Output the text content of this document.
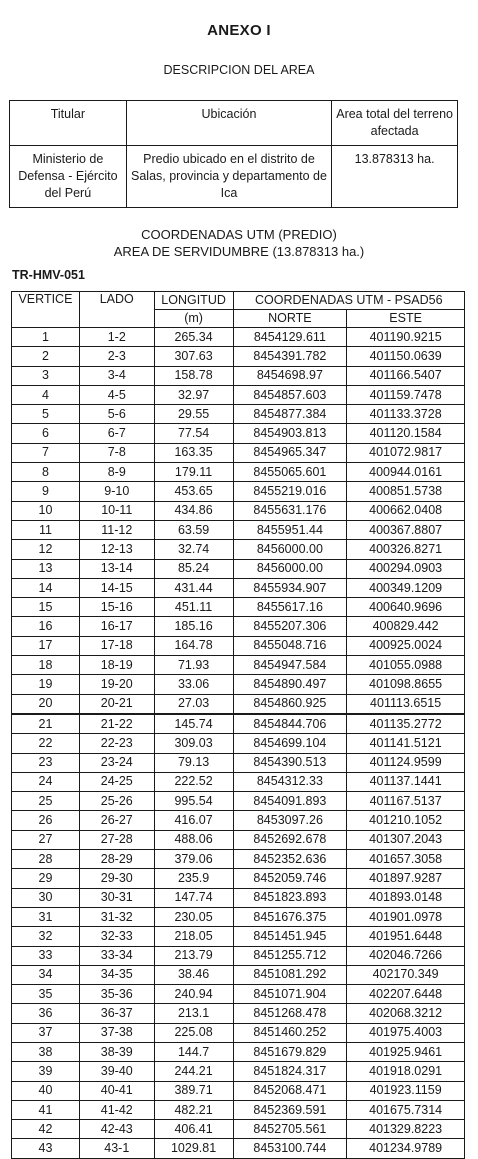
ANEXO I
DESCRIPCION DEL AREA
Titular	Ubicación	Area total del terreno afectada
Ministerio de Defensa - Ejército del Perú	Predio ubicado en el distrito de Salas, provincia y departamento de Ica	13.878313 ha.
COORDENADAS UTM (PREDIO)
AREA DE SERVIDUMBRE (13.878313 ha.)
TR-HMV-051
VERTICE	LADO	LONGITUD	COORDENADAS UTM - PSAD56	
		(m)	NORTE	ESTE
1	1-2	265.34	8454129.611	401190.9215
2	2-3	307.63	8454391.782	401150.0639
3	3-4	158.78	8454698.97	401166.5407
4	4-5	32.97	8454857.603	401159.7478
5	5-6	29.55	8454877.384	401133.3728
6	6-7	77.54	8454903.813	401120.1584
7	7-8	163.35	8454965.347	401072.9817
8	8-9	179.11	8455065.601	400944.0161
9	9-10	453.65	8455219.016	400851.5738
10	10-11	434.86	8455631.176	400662.0408
11	11-12	63.59	8455951.44	400367.8807
12	12-13	32.74	8456000.00	400326.8271
13	13-14	85.24	8456000.00	400294.0903
14	14-15	431.44	8455934.907	400349.1209
15	15-16	451.11	8455617.16	400640.9696
16	16-17	185.16	8455207.306	400829.442
17	17-18	164.78	8455048.716	400925.0024
18	18-19	71.93	8454947.584	401055.0988
19	19-20	33.06	8454890.497	401098.8655
20	20-21	27.03	8454860.925	401113.6515
21	21-22	145.74	8454844.706	401135.2772
22	22-23	309.03	8454699.104	401141.5121
23	23-24	79.13	8454390.513	401124.9599
24	24-25	222.52	8454312.33	401137.1441
25	25-26	995.54	8454091.893	401167.5137
26	26-27	416.07	8453097.26	401210.1052
27	27-28	488.06	8452692.678	401307.2043
28	28-29	379.06	8452352.636	401657.3058
29	29-30	235.9	8452059.746	401897.9287
30	30-31	147.74	8451823.893	401893.0148
31	31-32	230.05	8451676.375	401901.0978
32	32-33	218.05	8451451.945	401951.6448
33	33-34	213.79	8451255.712	402046.7266
34	34-35	38.46	8451081.292	402170.349
35	35-36	240.94	8451071.904	402207.6448
36	36-37	213.1	8451268.478	402068.3212
37	37-38	225.08	8451460.252	401975.4003
38	38-39	144.7	8451679.829	401925.9461
39	39-40	244.21	8451824.317	401918.0291
40	40-41	389.71	8452068.471	401923.1159
41	41-42	482.21	8452369.591	401675.7314
42	42-43	406.41	8452705.561	401329.8223
43	43-1	1029.81	8453100.744	401234.9789
